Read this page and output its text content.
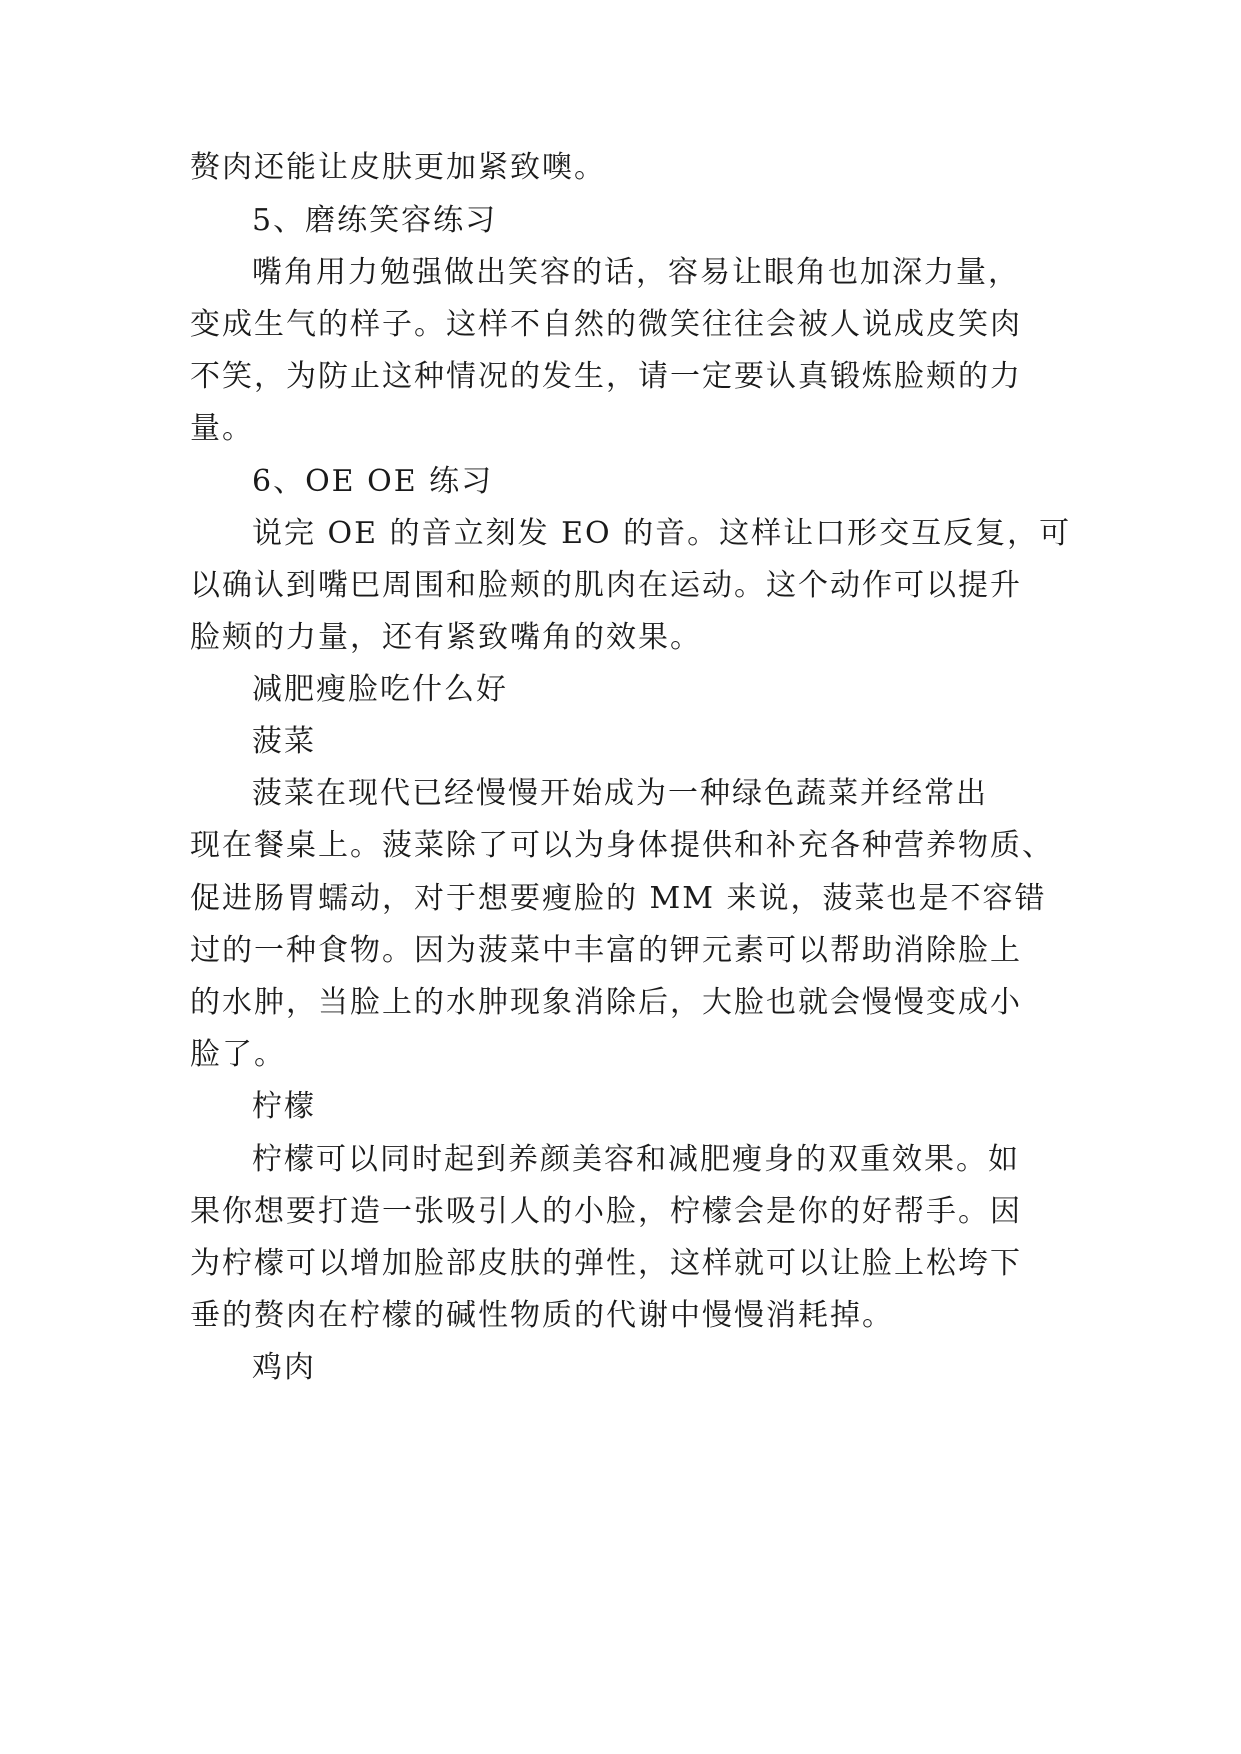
赘肉还能让皮肤更加紧致噢。
5、磨练笑容练习
嘴角用力勉强做出笑容的话，容易让眼角也加深力量，
变成生气的样子。这样不自然的微笑往往会被人说成皮笑肉
不笑，为防止这种情况的发生，请一定要认真锻炼脸颊的力
量。
6、OE OE 练习
说完 OE 的音立刻发 EO 的音。这样让口形交互反复，可
以确认到嘴巴周围和脸颊的肌肉在运动。这个动作可以提升
脸颊的力量，还有紧致嘴角的效果。
减肥瘦脸吃什么好
菠菜
菠菜在现代已经慢慢开始成为一种绿色蔬菜并经常出
现在餐桌上。菠菜除了可以为身体提供和补充各种营养物质、
促进肠胃蠕动，对于想要瘦脸的 MM 来说，菠菜也是不容错
过的一种食物。因为菠菜中丰富的钾元素可以帮助消除脸上
的水肿，当脸上的水肿现象消除后，大脸也就会慢慢变成小
脸了。
柠檬
柠檬可以同时起到养颜美容和减肥瘦身的双重效果。如
果你想要打造一张吸引人的小脸，柠檬会是你的好帮手。因
为柠檬可以增加脸部皮肤的弹性，这样就可以让脸上松垮下
垂的赘肉在柠檬的碱性物质的代谢中慢慢消耗掉。
鸡肉
